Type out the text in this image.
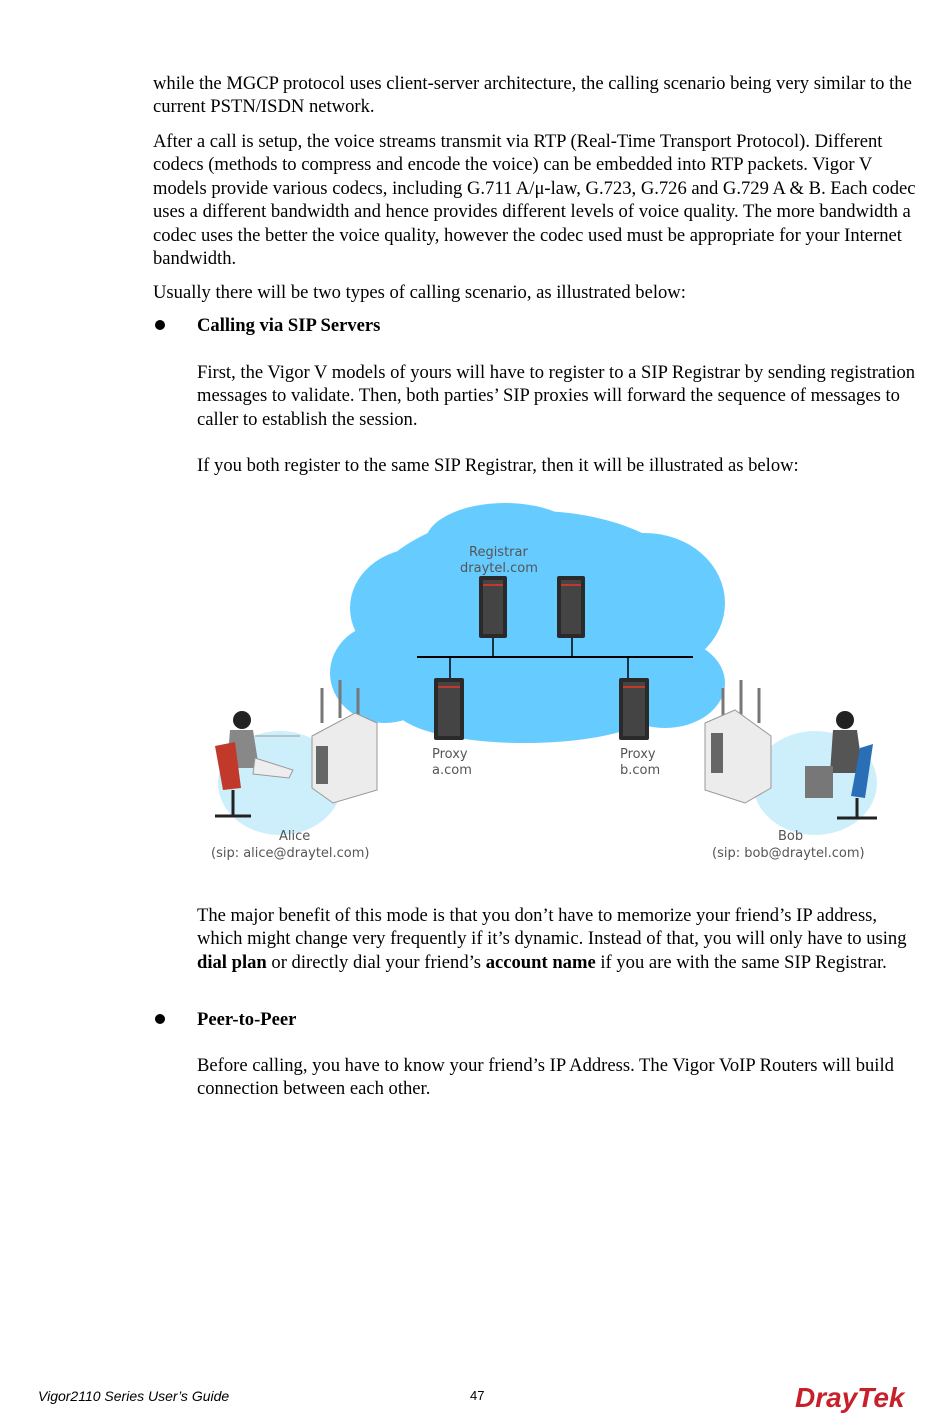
while the MGCP protocol uses client-server architecture, the calling scenario being very similar to the current PSTN/ISDN network.

After a call is setup, the voice streams transmit via RTP (Real-Time Transport Protocol). Different codecs (methods to compress and encode the voice) can be embedded into RTP packets. Vigor V models provide various codecs, including G.711 A/μ-law, G.723, G.726 and G.729 A & B. Each codec uses a different bandwidth and hence provides different levels of voice quality. The more bandwidth a codec uses the better the voice quality, however the codec used must be appropriate for your Internet bandwidth.

Usually there will be two types of calling scenario, as illustrated below:

Calling via SIP Servers

First, the Vigor V models of yours will have to register to a SIP Registrar by sending registration messages to validate. Then, both parties’ SIP proxies will forward the sequence of messages to caller to establish the session.

If you both register to the same SIP Registrar, then it will be illustrated as below:

Registrar
draytel.com
Proxy
a.com
Proxy
b.com
Alice
(sip: alice@draytel.com)
Bob
(sip: bob@draytel.com)

The major benefit of this mode is that you don’t have to memorize your friend’s IP address, which might change very frequently if it’s dynamic. Instead of that, you will only have to using dial plan or directly dial your friend’s account name if you are with the same SIP Registrar.

Peer-to-Peer

Before calling, you have to know your friend’s IP Address. The Vigor VoIP Routers will build connection between each other.

Vigor2110 Series User’s Guide	47	DrayTek
